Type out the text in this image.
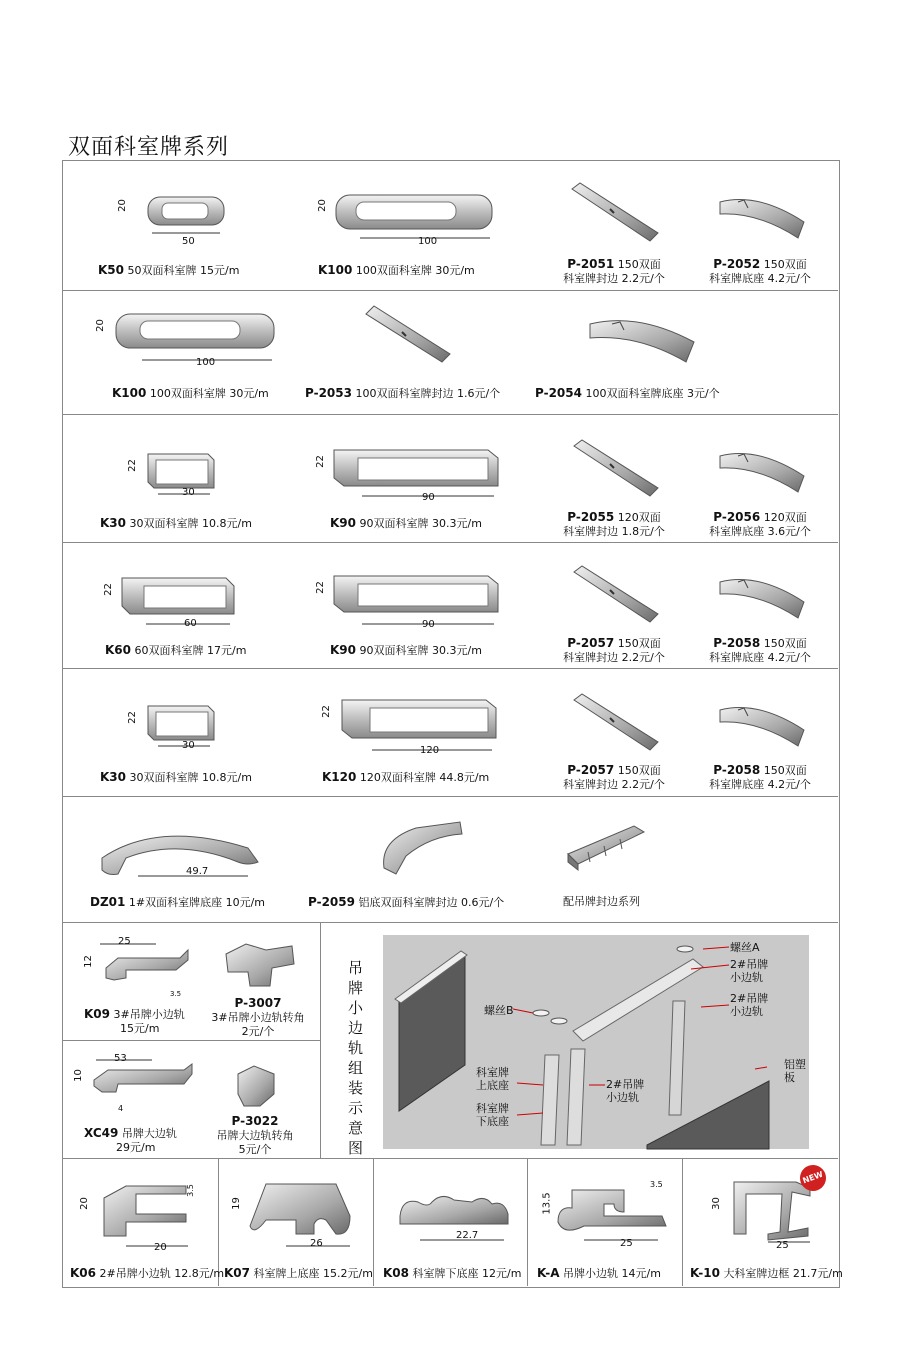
双面科室牌系列
20
50
K50 50双面科室牌 15元/m
20
100
K100 100双面科室牌 30元/m	P-2051 150双面
科室牌封边 2.2元/个
P-2052 150双面
科室牌底座 4.2元/个
20
100
K100 100双面科室牌 30元/m	P-2053 100双面科室牌封边 1.6元/个	P-2054 100双面科室牌底座 3元/个
22
30
K30 30双面科室牌 10.8元/m
22
90
K90 90双面科室牌 30.3元/m	P-2055 120双面
科室牌封边 1.8元/个
P-2056 120双面
科室牌底座 3.6元/个
22
60
K60 60双面科室牌 17元/m
22
90
K90 90双面科室牌 30.3元/m
P-2057 150双面
科室牌封边 2.2元/个
P-2058 150双面
科室牌底座 4.2元/个
22
30
K30 30双面科室牌 10.8元/m
22
120
K120 120双面科室牌 44.8元/m
P-2057 150双面
科室牌封边 2.2元/个
P-2058 150双面
科室牌底座 4.2元/个
49.7
DZ01 1#双面科室牌底座 10元/m	P-2059 铝底双面科室牌封边 0.6元/个	配吊牌封边系列
25
12
3.5
K09 3#吊牌小边轨
15元/m
P-3007
3#吊牌小边轨转角
2元/个
53
10
4
XC49 吊牌大边轨
29元/m
P-3022
吊牌大边轨转角
5元/个
吊牌小边轨组装示意图
螺丝A
2#吊牌
小边轨
2#吊牌
小边轨
螺丝B
科室牌
上底座	2#吊牌
小边轨
科室牌
下底座
铝塑
板
20
20
3.5
K06 2#吊牌小边轨 12.8元/m
19
26
K07 科室牌上底座 15.2元/m
22.7
K08 科室牌下底座 12元/m
13.5
25
3.5
K-A 吊牌小边轨 14元/m
30
25
NEW
K-10 大科室牌边框 21.7元/m
